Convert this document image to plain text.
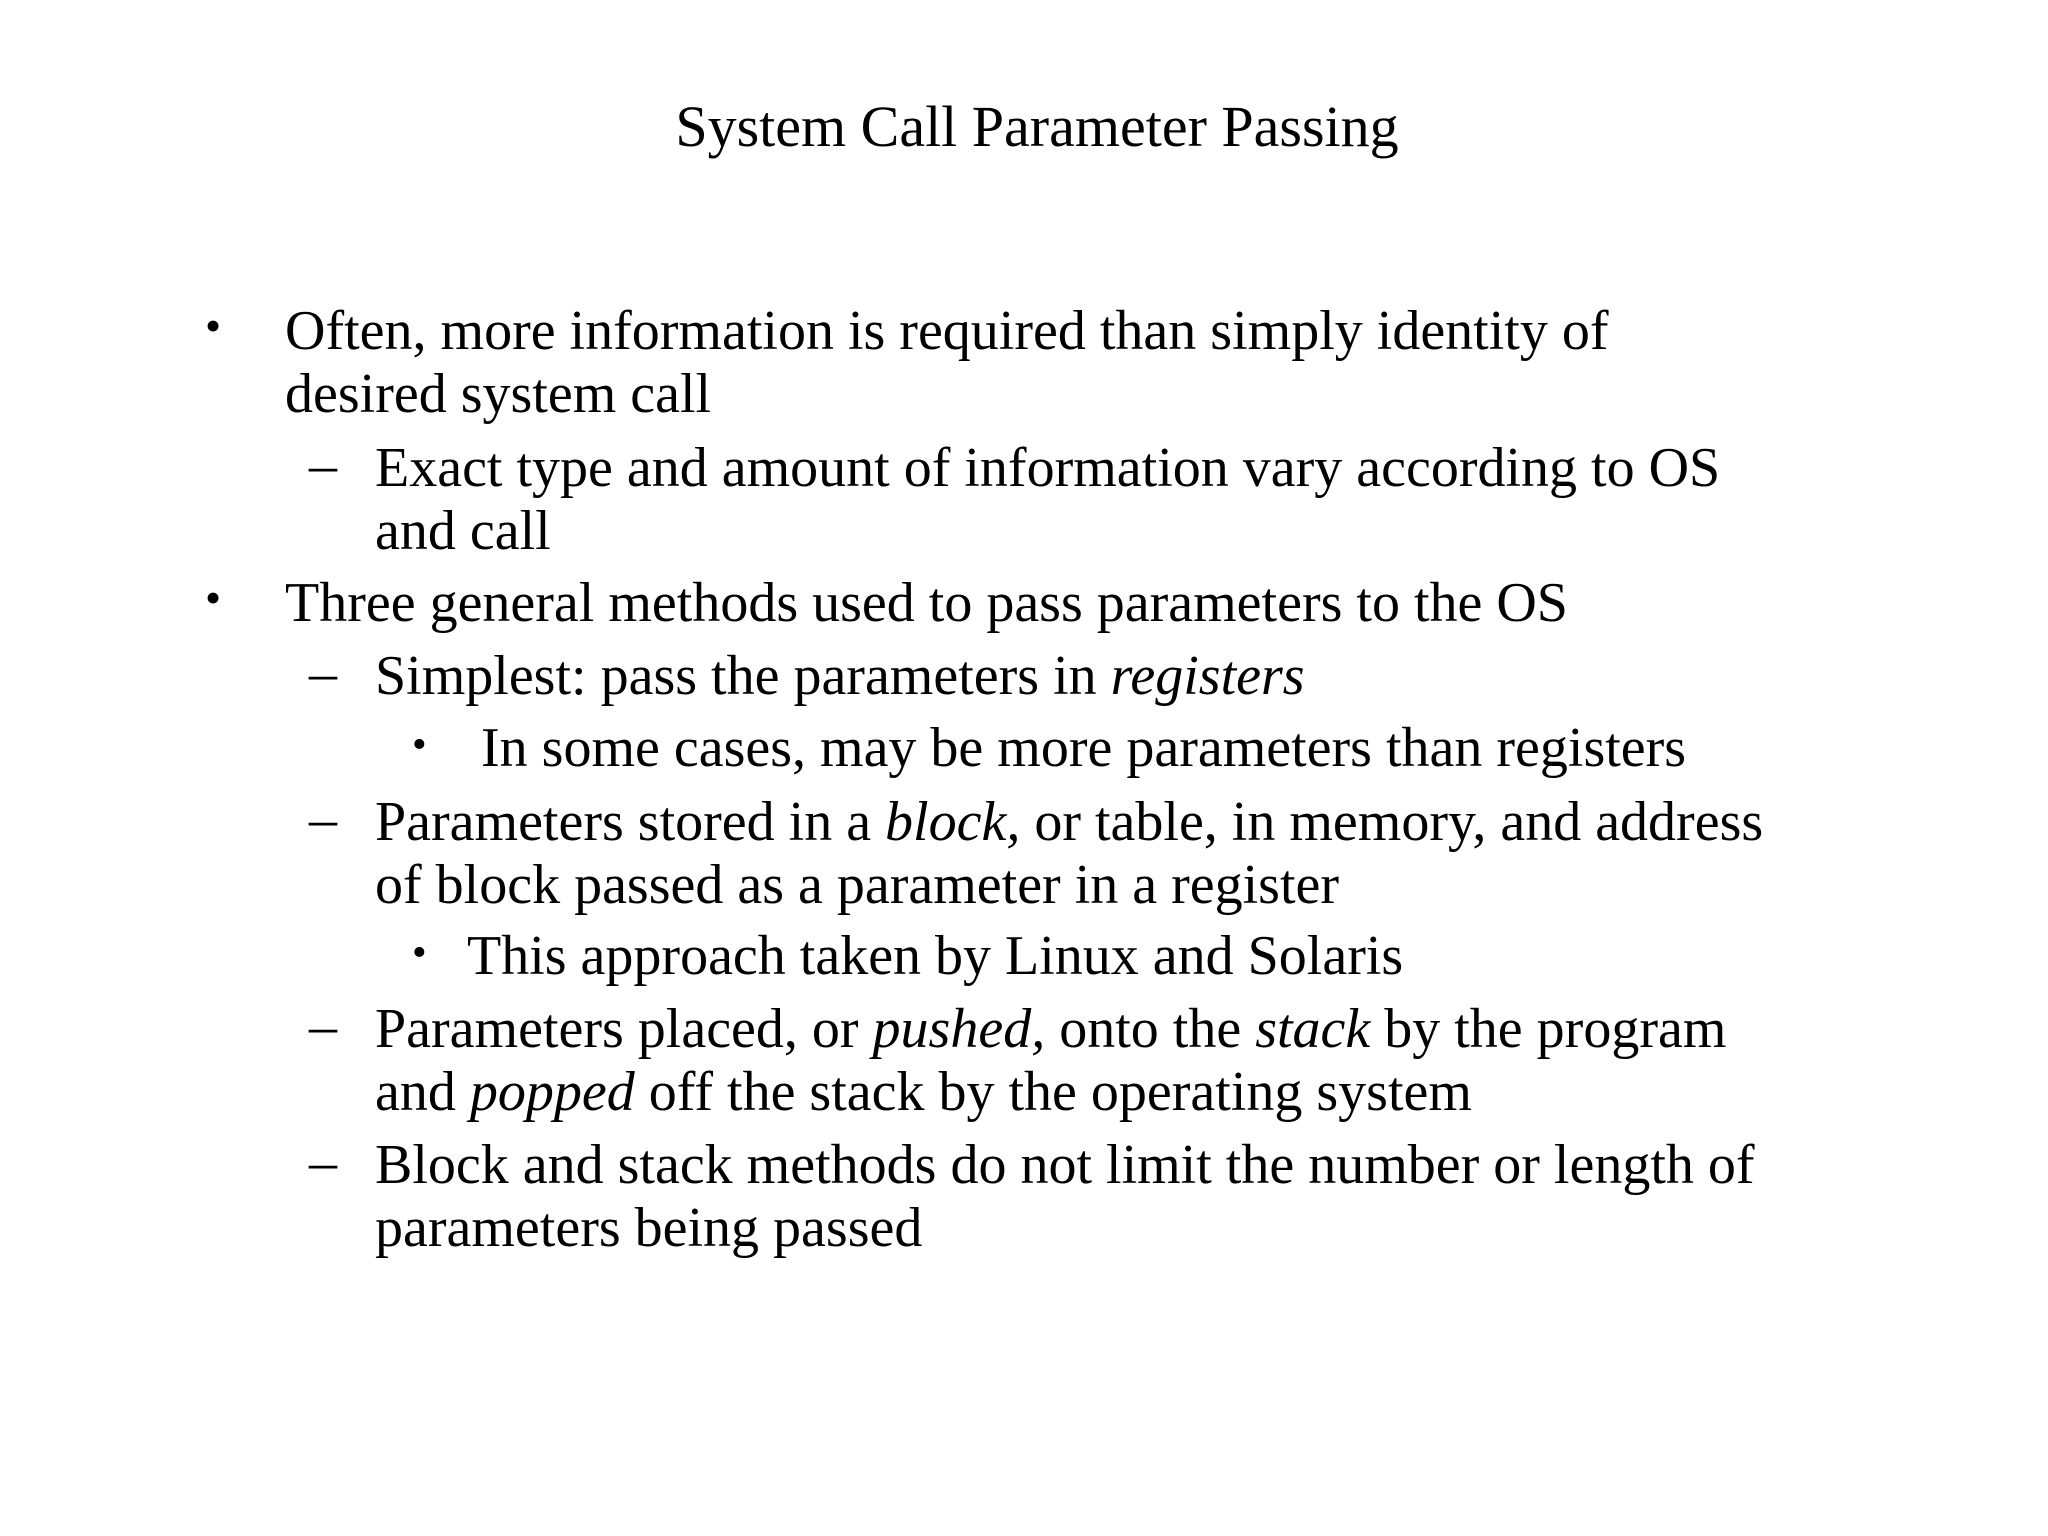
System Call Parameter Passing
• Often, more information is required than simply identity of
desired system call
– Exact type and amount of information vary according to OS
and call
• Three general methods used to pass parameters to the OS
– Simplest: pass the parameters in registers
• In some cases, may be more parameters than registers
– Parameters stored in a block, or table, in memory, and address
of block passed as a parameter in a register
• This approach taken by Linux and Solaris
– Parameters placed, or pushed, onto the stack by the program
and popped off the stack by the operating system
– Block and stack methods do not limit the number or length of
parameters being passed
